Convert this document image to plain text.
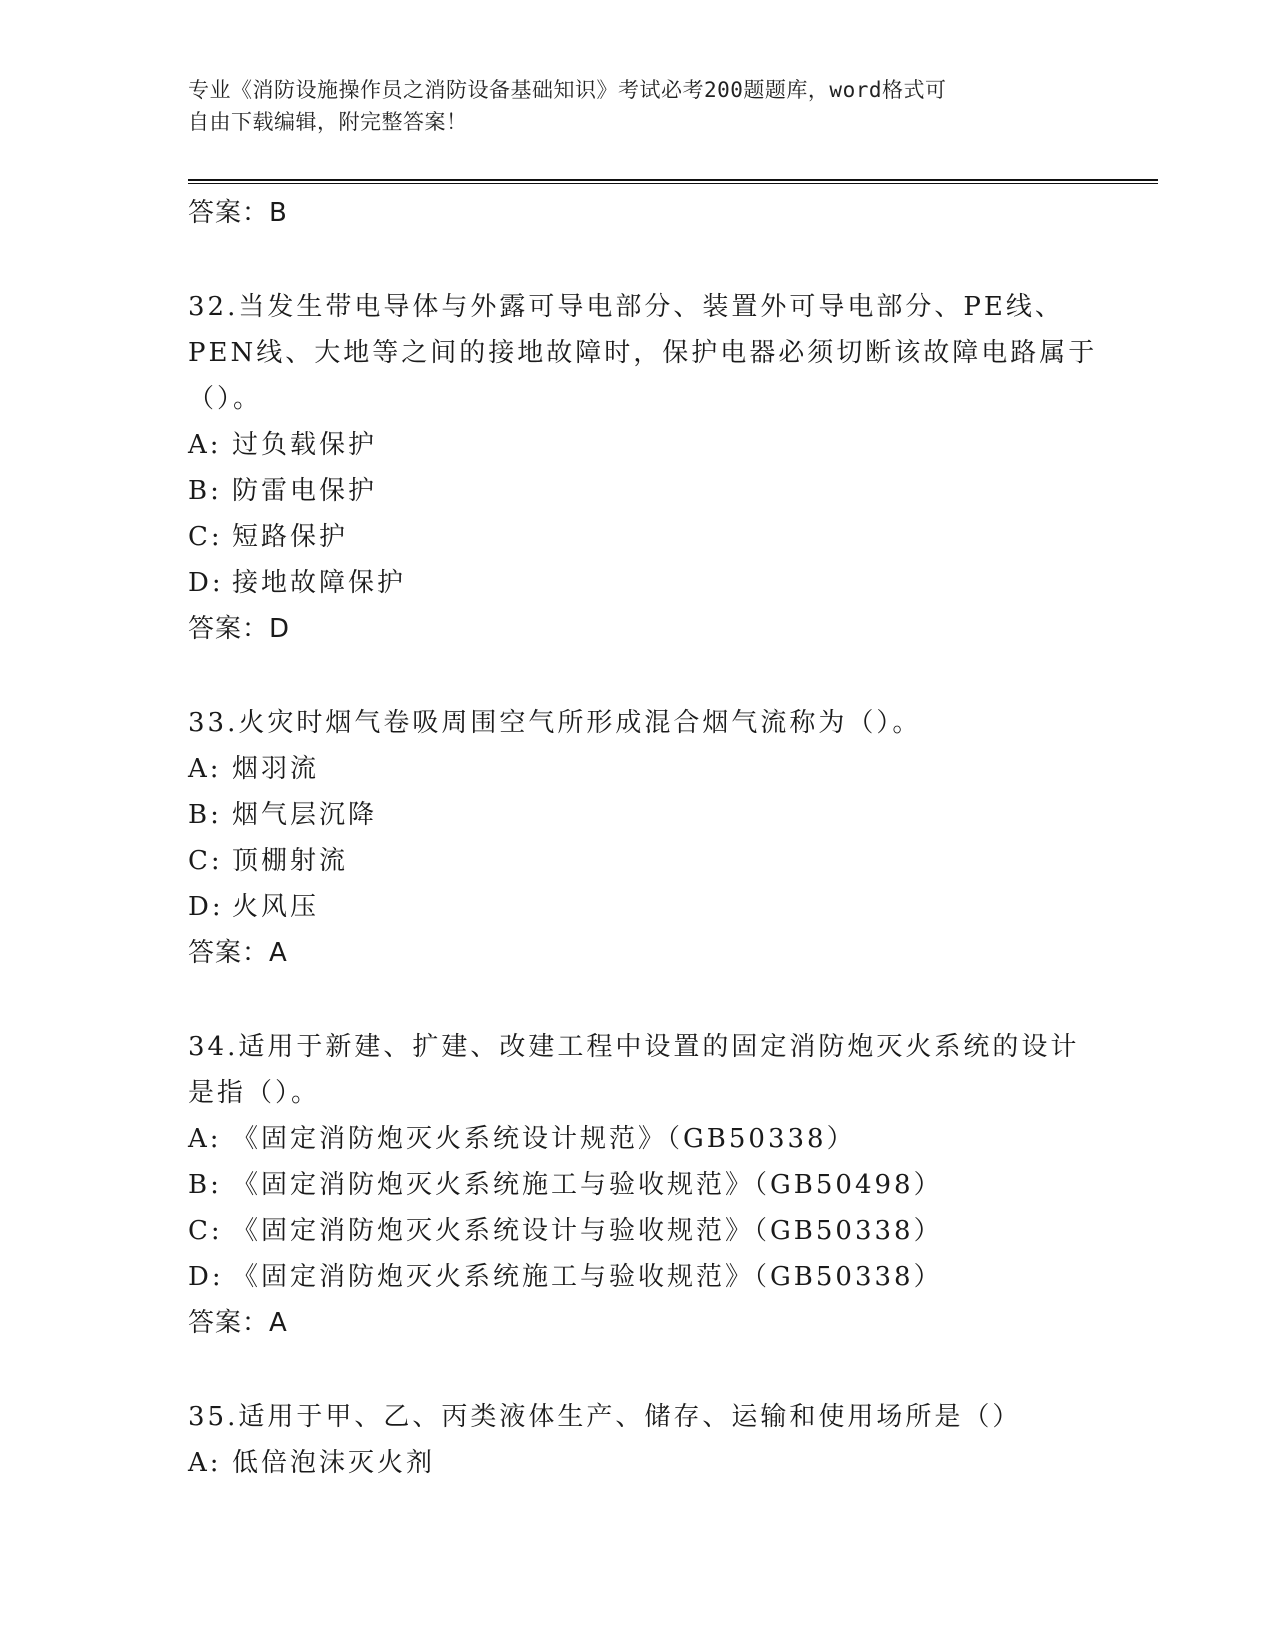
专业《消防设施操作员之消防设备基础知识》考试必考200题题库，word格式可
自由下载编辑，附完整答案！
答案：B
32.当发生带电导体与外露可导电部分、装置外可导电部分、PE线、
PEN线、大地等之间的接地故障时，保护电器必须切断该故障电路属于
（）。
A: 过负载保护
B: 防雷电保护
C: 短路保护
D: 接地故障保护
答案：D
33.火灾时烟气卷吸周围空气所形成混合烟气流称为（）。
A: 烟羽流
B: 烟气层沉降
C: 顶棚射流
D: 火风压
答案：A
34.适用于新建、扩建、改建工程中设置的固定消防炮灭火系统的设计
是指（）。
A: 《固定消防炮灭火系统设计规范》（GB50338）
B: 《固定消防炮灭火系统施工与验收规范》（GB50498）
C: 《固定消防炮灭火系统设计与验收规范》（GB50338）
D: 《固定消防炮灭火系统施工与验收规范》（GB50338）
答案：A
35.适用于甲、乙、丙类液体生产、储存、运输和使用场所是（）
A: 低倍泡沫灭火剂
